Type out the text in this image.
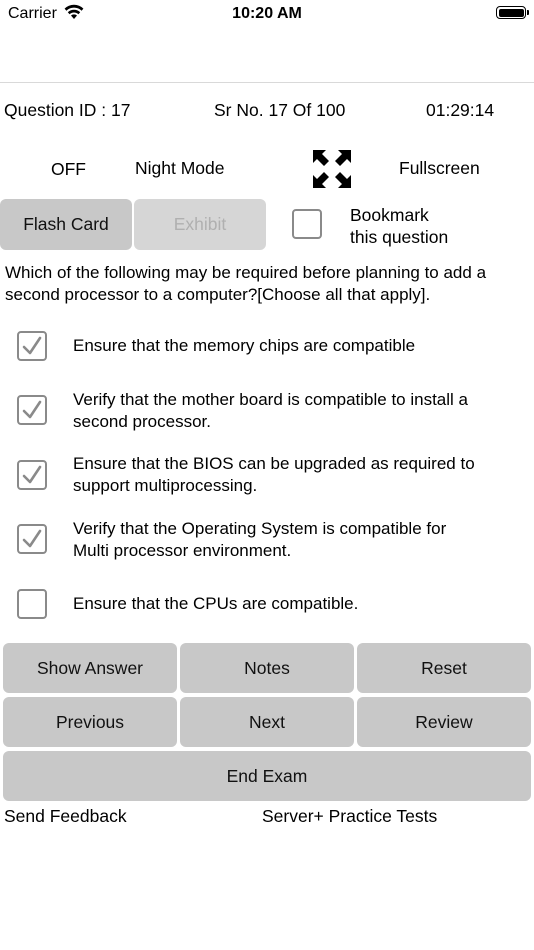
Carrier	10:20 AM
Question ID : 17	Sr No. 17 Of 100	01:29:14
OFF	Night Mode	Fullscreen
Flash Card	Exhibit	Bookmark
this question
Which of the following may be required before planning to add a second processor to a computer?[Choose all that apply].
Ensure that the memory chips are compatible
Verify that the mother board is compatible to install a
second processor.
Ensure that the BIOS can be upgraded as required to
support multiprocessing.
Verify that the Operating System is compatible for
Multi processor environment.
Ensure that the CPUs are compatible.
Show Answer	Notes	Reset
Previous	Next	Review
End Exam
Send Feedback	Server+ Practice Tests
